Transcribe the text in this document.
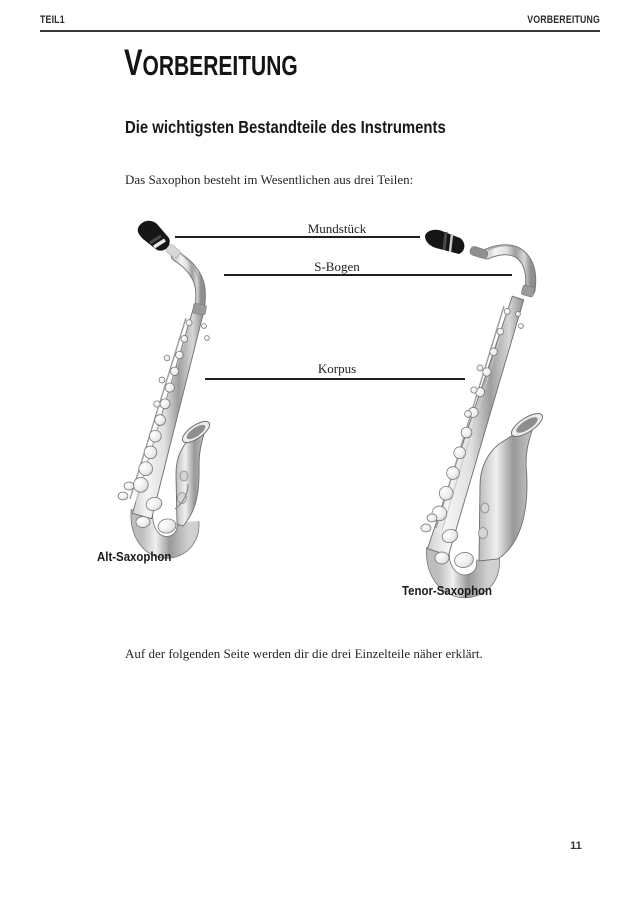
TEIL1	VORBEREITUNG
VORBEREITUNG
Die wichtigsten Bestandteile des Instruments

Das Saxophon besteht im Wesentlichen aus drei Teilen:

Mundstück
S-Bogen
Korpus
Alt-Saxophon
Tenor-Saxophon

Auf der folgenden Seite werden dir die drei Einzelteile näher erklärt.

11
